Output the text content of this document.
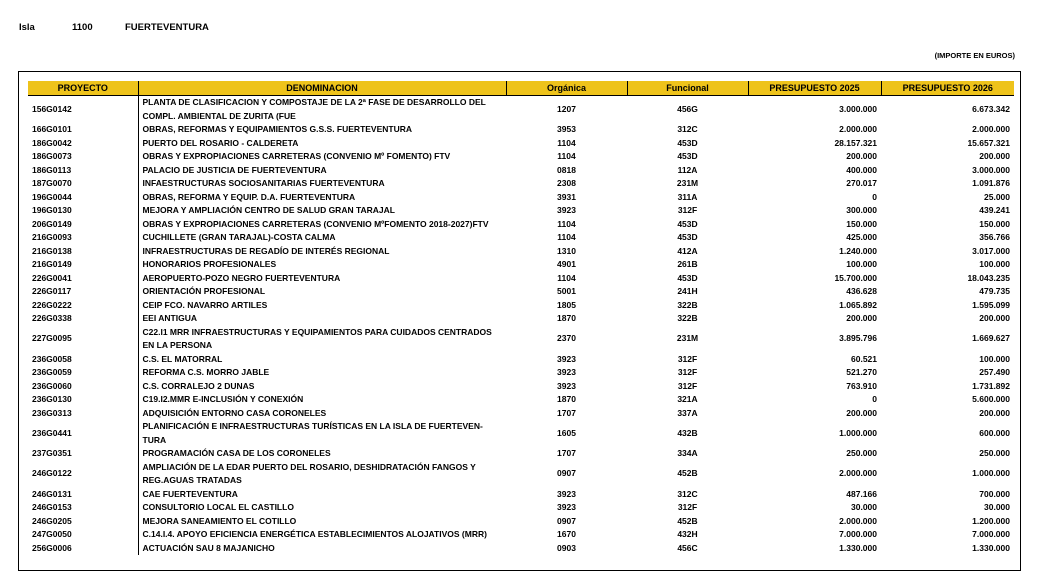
Isla	1100	FUERTEVENTURA
(IMPORTE EN EUROS)
PROYECTO	DENOMINACION	Orgánica	Funcional	PRESUPUESTO 2025	PRESUPUESTO 2026
156G0142	PLANTA DE CLASIFICACION Y COMPOSTAJE DE LA 2ª FASE DE DESARROLLO DEL COMPL. AMBIENTAL DE ZURITA (FUE	1207	456G	3.000.000	6.673.342
166G0101	OBRAS, REFORMAS Y EQUIPAMIENTOS G.S.S. FUERTEVENTURA	3953	312C	2.000.000	2.000.000
186G0042	PUERTO DEL ROSARIO - CALDERETA	1104	453D	28.157.321	15.657.321
186G0073	OBRAS Y EXPROPIACIONES CARRETERAS (CONVENIO Mº FOMENTO) FTV	1104	453D	200.000	200.000
186G0113	PALACIO DE JUSTICIA DE FUERTEVENTURA	0818	112A	400.000	3.000.000
187G0070	INFAESTRUCTURAS SOCIOSANITARIAS FUERTEVENTURA	2308	231M	270.017	1.091.876
196G0044	OBRAS, REFORMA Y EQUIP. D.A. FUERTEVENTURA	3931	311A	0	25.000
196G0130	MEJORA Y AMPLIACIÓN CENTRO DE SALUD GRAN TARAJAL	3923	312F	300.000	439.241
206G0149	OBRAS Y EXPROPIACIONES CARRETERAS (CONVENIO MºFOMENTO 2018-2027)FTV	1104	453D	150.000	150.000
216G0093	CUCHILLETE (GRAN TARAJAL)-COSTA CALMA	1104	453D	425.000	356.766
216G0138	INFRAESTRUCTURAS DE REGADÍO DE INTERÉS REGIONAL	1310	412A	1.240.000	3.017.000
216G0149	HONORARIOS PROFESIONALES	4901	261B	100.000	100.000
226G0041	AEROPUERTO-POZO NEGRO FUERTEVENTURA	1104	453D	15.700.000	18.043.235
226G0117	ORIENTACIÓN PROFESIONAL	5001	241H	436.628	479.735
226G0222	CEIP FCO. NAVARRO ARTILES	1805	322B	1.065.892	1.595.099
226G0338	EEI ANTIGUA	1870	322B	200.000	200.000
227G0095	C22.I1 MRR INFRAESTRUCTURAS Y EQUIPAMIENTOS PARA CUIDADOS CENTRADOS EN LA PERSONA	2370	231M	3.895.796	1.669.627
236G0058	C.S. EL MATORRAL	3923	312F	60.521	100.000
236G0059	REFORMA C.S. MORRO JABLE	3923	312F	521.270	257.490
236G0060	C.S. CORRALEJO 2 DUNAS	3923	312F	763.910	1.731.892
236G0130	C19.I2.MMR E-INCLUSIÓN Y CONEXIÓN	1870	321A	0	5.600.000
236G0313	ADQUISICIÓN ENTORNO CASA CORONELES	1707	337A	200.000	200.000
236G0441	PLANIFICACIÓN E INFRAESTRUCTURAS TURÍSTICAS EN LA ISLA DE FUERTEVEN-TURA	1605	432B	1.000.000	600.000
237G0351	PROGRAMACIÓN CASA DE LOS CORONELES	1707	334A	250.000	250.000
246G0122	AMPLIACIÓN DE LA EDAR PUERTO DEL ROSARIO, DESHIDRATACIÓN FANGOS Y REG.AGUAS TRATADAS	0907	452B	2.000.000	1.000.000
246G0131	CAE FUERTEVENTURA	3923	312C	487.166	700.000
246G0153	CONSULTORIO LOCAL EL CASTILLO	3923	312F	30.000	30.000
246G0205	MEJORA SANEAMIENTO EL COTILLO	0907	452B	2.000.000	1.200.000
247G0050	C.14.I.4. APOYO EFICIENCIA ENERGÉTICA ESTABLECIMIENTOS ALOJATIVOS (MRR)	1670	432H	7.000.000	7.000.000
256G0006	ACTUACIÓN SAU 8 MAJANICHO	0903	456C	1.330.000	1.330.000
